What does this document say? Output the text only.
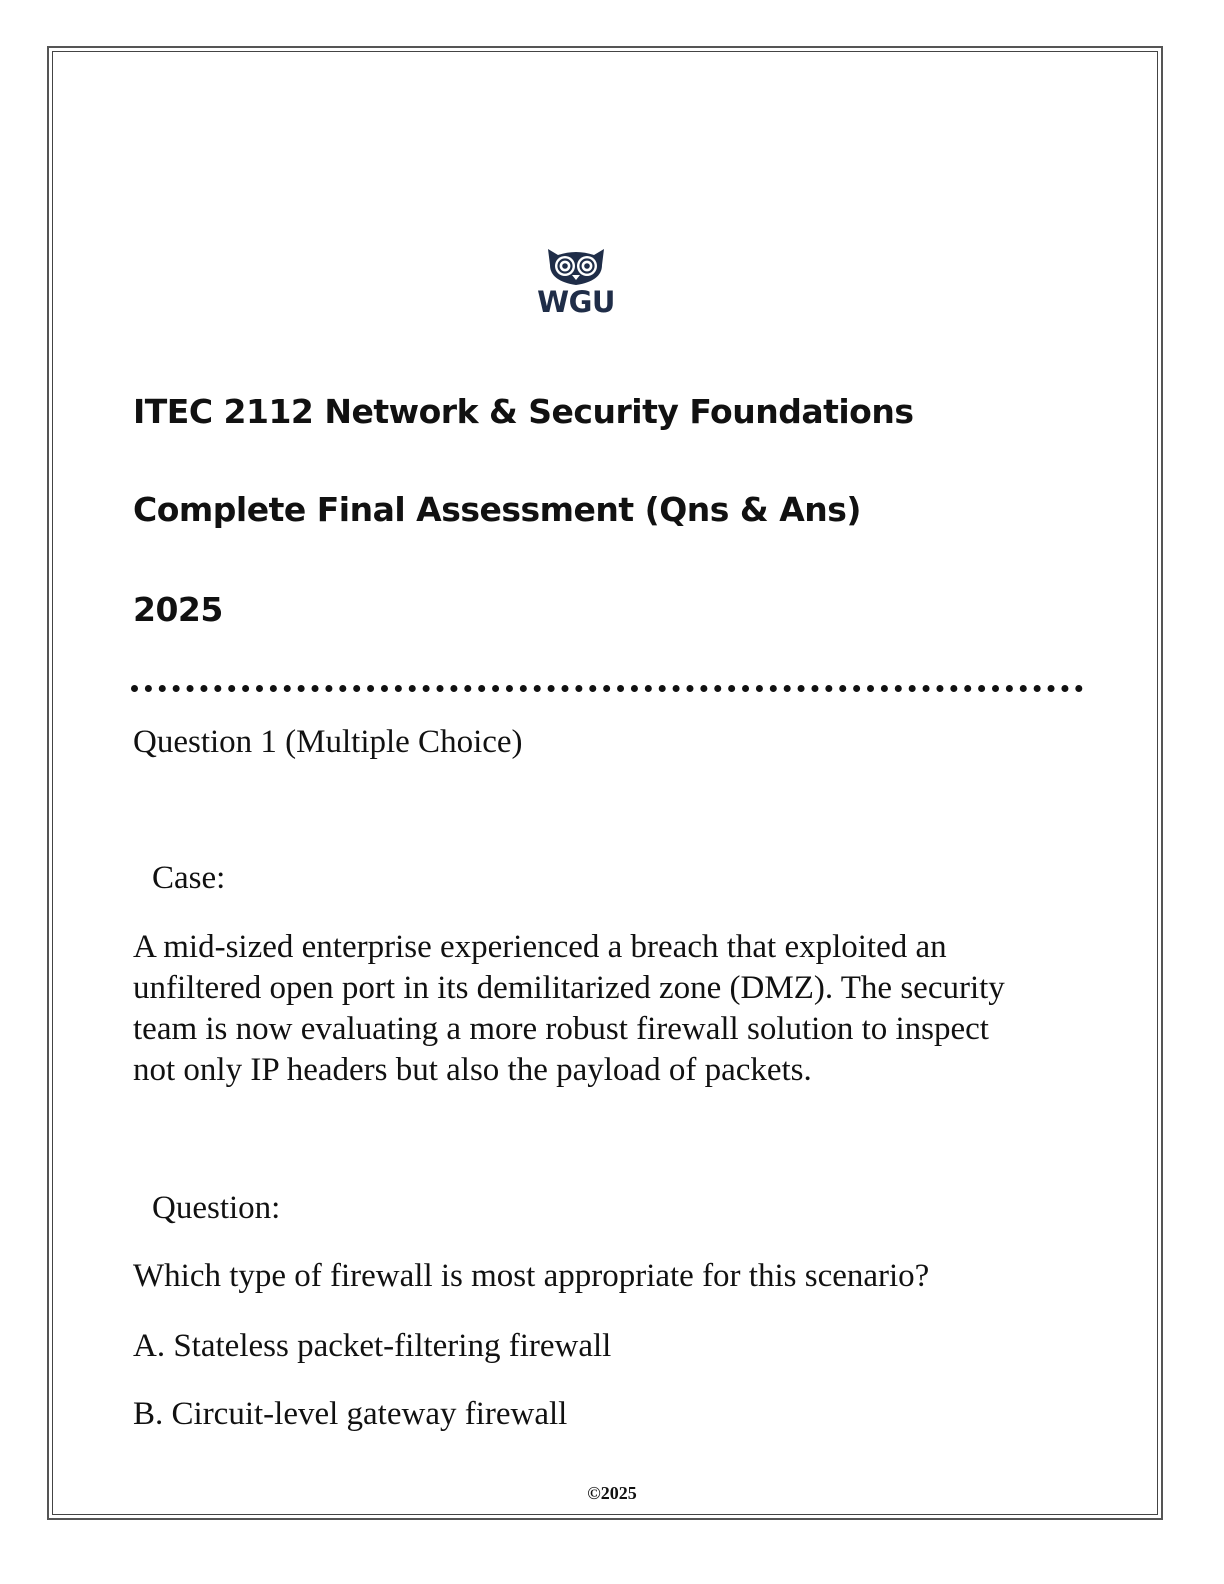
WGU
ITEC 2112 Network & Security Foundations
Complete Final Assessment (Qns & Ans)
2025
Question 1 (Multiple Choice)
Case:
A mid-sized enterprise experienced a breach that exploited an
unfiltered open port in its demilitarized zone (DMZ). The security
team is now evaluating a more robust firewall solution to inspect
not only IP headers but also the payload of packets.
Question:
Which type of firewall is most appropriate for this scenario?
A. Stateless packet-filtering firewall
B. Circuit-level gateway firewall
©2025
